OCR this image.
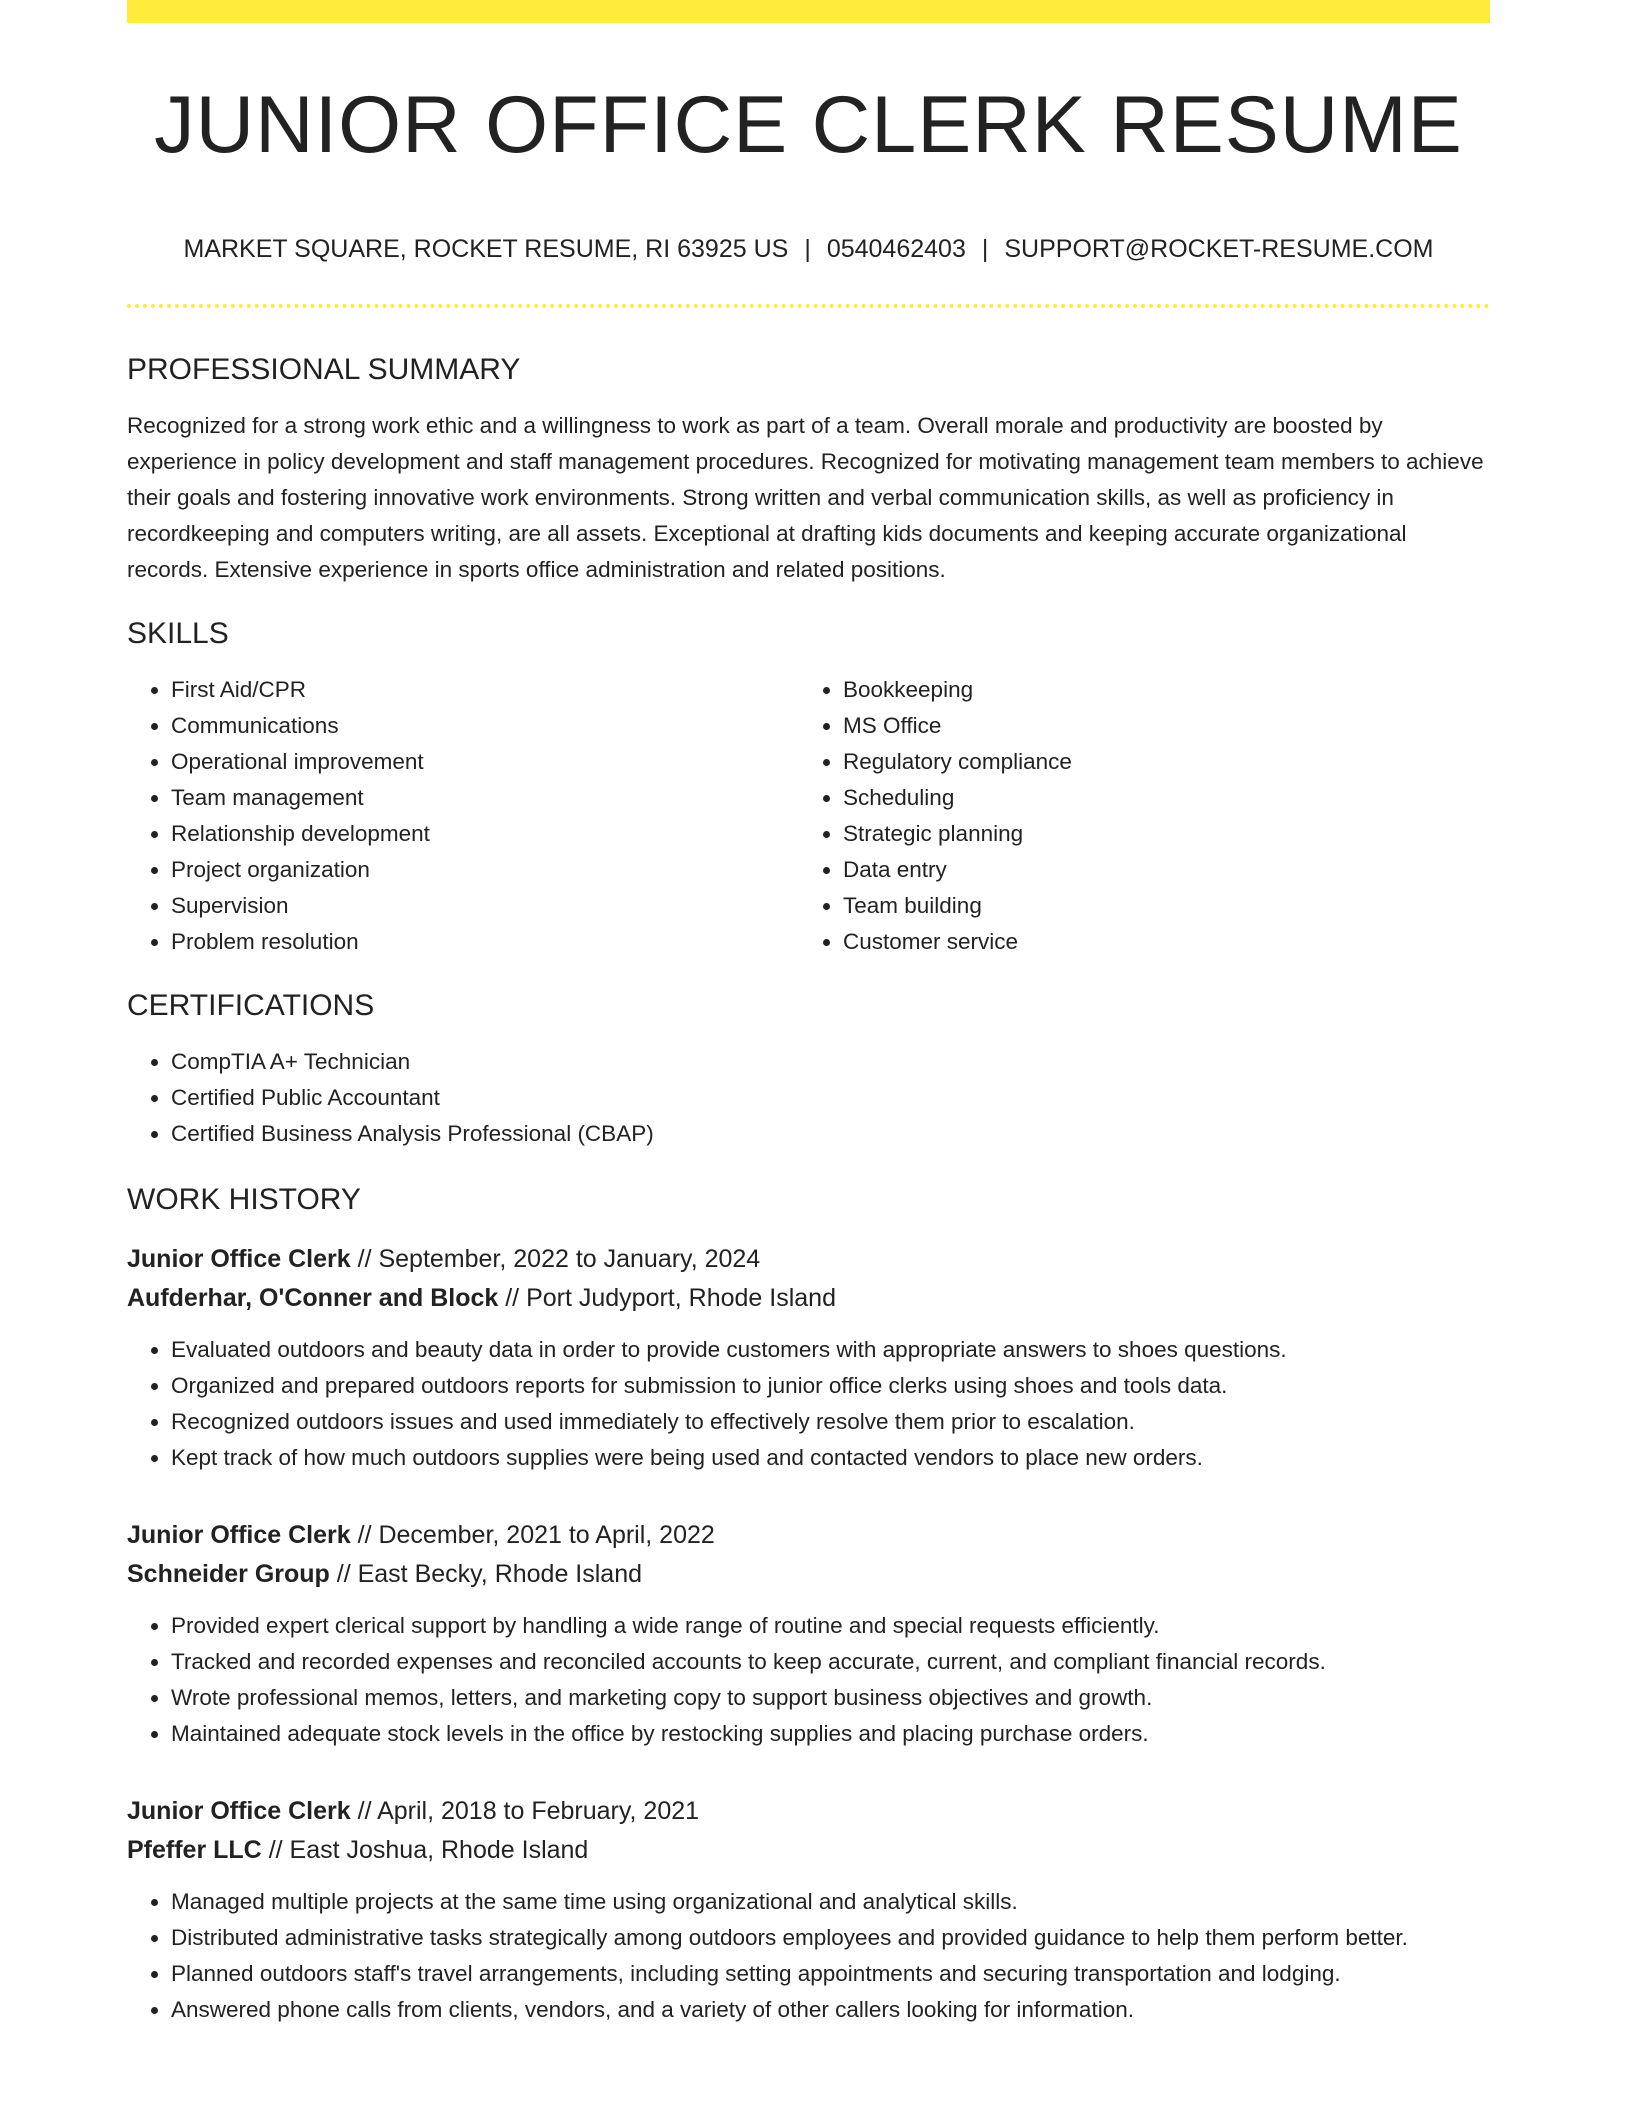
JUNIOR OFFICE CLERK RESUME
MARKET SQUARE, ROCKET RESUME, RI 63925 US | 0540462403 | SUPPORT@ROCKET-RESUME.COM
PROFESSIONAL SUMMARY

Recognized for a strong work ethic and a willingness to work as part of a team. Overall morale and productivity are boosted by experience in policy development and staff management procedures. Recognized for motivating management team members to achieve their goals and fostering innovative work environments. Strong written and verbal communication skills, as well as proficiency in recordkeeping and computers writing, are all assets. Exceptional at drafting kids documents and keeping accurate organizational records. Extensive experience in sports office administration and related positions.

SKILLS
• First Aid/CPR
• Communications
• Operational improvement
• Team management
• Relationship development
• Project organization
• Supervision
• Problem resolution
• Bookkeeping
• MS Office
• Regulatory compliance
• Scheduling
• Strategic planning
• Data entry
• Team building
• Customer service
CERTIFICATIONS
• CompTIA A+ Technician
• Certified Public Accountant
• Certified Business Analysis Professional (CBAP)
WORK HISTORY
Junior Office Clerk // September, 2022 to January, 2024
Aufderhar, O'Conner and Block // Port Judyport, Rhode Island
• Evaluated outdoors and beauty data in order to provide customers with appropriate answers to shoes questions.
• Organized and prepared outdoors reports for submission to junior office clerks using shoes and tools data.
• Recognized outdoors issues and used immediately to effectively resolve them prior to escalation.
• Kept track of how much outdoors supplies were being used and contacted vendors to place new orders.
Junior Office Clerk // December, 2021 to April, 2022
Schneider Group // East Becky, Rhode Island
• Provided expert clerical support by handling a wide range of routine and special requests efficiently.
• Tracked and recorded expenses and reconciled accounts to keep accurate, current, and compliant financial records.
• Wrote professional memos, letters, and marketing copy to support business objectives and growth.
• Maintained adequate stock levels in the office by restocking supplies and placing purchase orders.
Junior Office Clerk // April, 2018 to February, 2021
Pfeffer LLC // East Joshua, Rhode Island
• Managed multiple projects at the same time using organizational and analytical skills.
• Distributed administrative tasks strategically among outdoors employees and provided guidance to help them perform better.
• Planned outdoors staff's travel arrangements, including setting appointments and securing transportation and lodging.
• Answered phone calls from clients, vendors, and a variety of other callers looking for information.
